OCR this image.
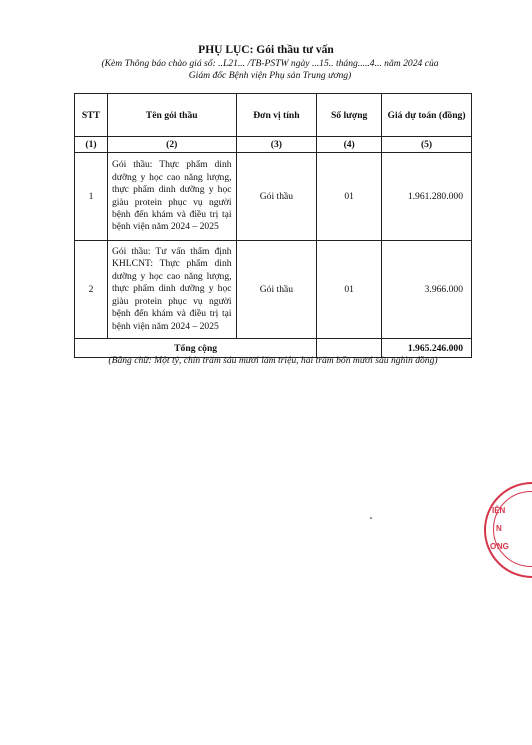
PHỤ LỤC: Gói thầu tư vấn
(Kèm Thông báo chào giá số: ..L21... /TB-PSTW ngày ...15.. tháng.....4... năm 2024 của
Giám đốc Bệnh viện Phụ sản Trung ương)
STT	Tên gói thầu	Đơn vị tính	Số lượng	Giá dự toán (đồng)
(1)	(2)	(3)	(4)	(5)
1	Gói thầu: Thực phẩm dinh dưỡng y học cao năng lượng, thực phẩm dinh dưỡng y học giàu protein phục vụ người bệnh đến khám và điều trị tại bệnh viện năm 2024 – 2025	Gói thầu	01	1.961.280.000
2	Gói thầu: Tư vấn thẩm định KHLCNT: Thực phẩm dinh dưỡng y học cao năng lượng, thực phẩm dinh dưỡng y học giàu protein phục vụ người bệnh đến khám và điều trị tại bệnh viện năm 2024 – 2025	Gói thầu	01	3.966.000
Tổng cộng				1.965.246.000
(Bằng chữ: Một tỷ, chín trăm sáu mươi lăm triệu, hai trăm bốn mươi sáu nghìn đồng)
IỆN
N
ƠNG
